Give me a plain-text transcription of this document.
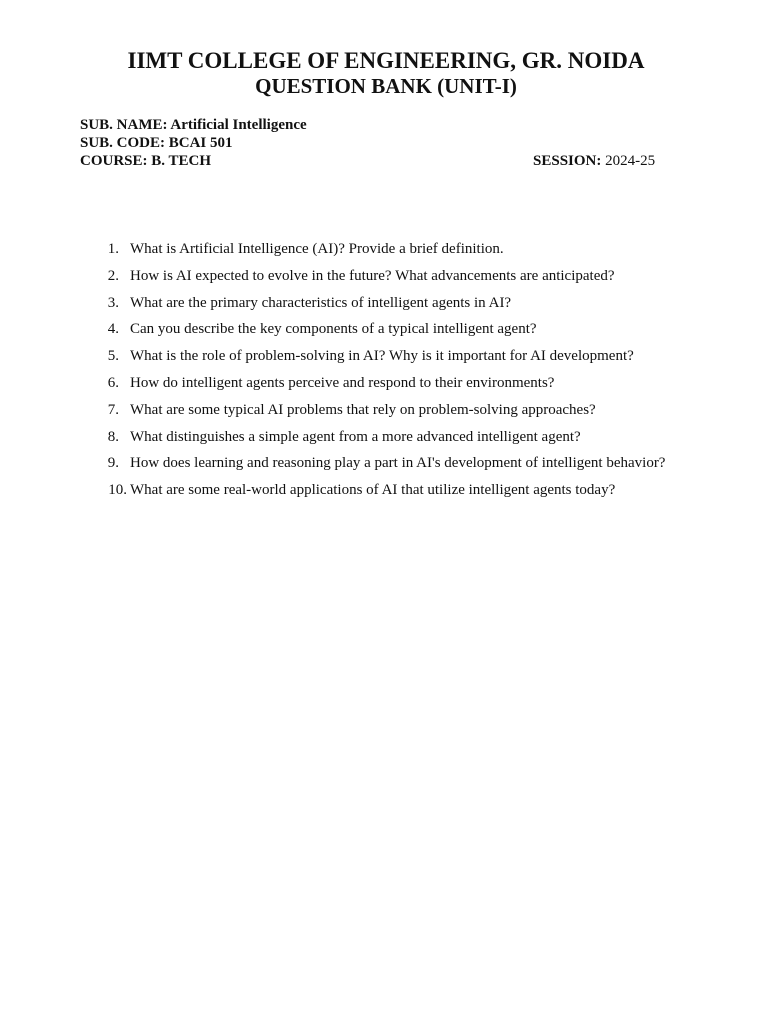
IIMT COLLEGE OF ENGINEERING, GR. NOIDA
QUESTION BANK (UNIT-I)
SUB. NAME: Artificial Intelligence
SUB. CODE: BCAI 501
COURSE: B. TECH	SESSION: 2024-25
1. What is Artificial Intelligence (AI)? Provide a brief definition.
2. How is AI expected to evolve in the future? What advancements are anticipated?
3. What are the primary characteristics of intelligent agents in AI?
4. Can you describe the key components of a typical intelligent agent?
5. What is the role of problem-solving in AI? Why is it important for AI development?
6. How do intelligent agents perceive and respond to their environments?
7. What are some typical AI problems that rely on problem-solving approaches?
8. What distinguishes a simple agent from a more advanced intelligent agent?
9. How does learning and reasoning play a part in AI's development of intelligent behavior?
10. What are some real-world applications of AI that utilize intelligent agents today?
